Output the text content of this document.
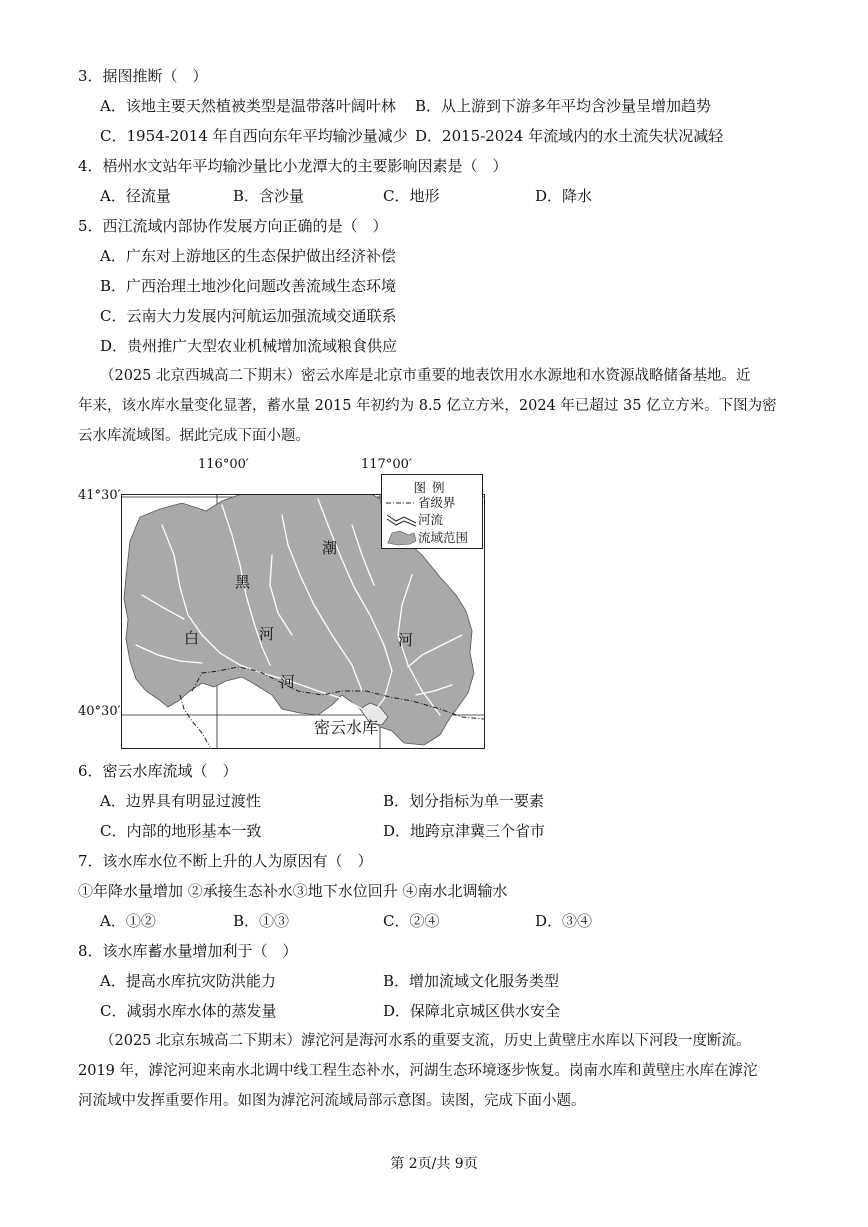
3．据图推断（　）
A．该地主要天然植被类型是温带落叶阔叶林 B．从上游到下游多年平均含沙量呈增加趋势
C．1954-2014 年自西向东年平均输沙量减少 D．2015-2024 年流域内的水土流失状况减轻
4．梧州水文站年平均输沙量比小龙潭大的主要影响因素是（　）
A．径流量	B．含沙量	C．地形	D．降水
5．西江流域内部协作发展方向正确的是（　）
A．广东对上游地区的生态保护做出经济补偿
B．广西治理土地沙化问题改善流域生态环境
C．云南大力发展内河航运加强流域交通联系
D．贵州推广大型农业机械增加流域粮食供应
（2025 北京西城高二下期末）密云水库是北京市重要的地表饮用水水源地和水资源战略储备基地。近
年来，该水库水量变化显著，蓄水量 2015 年初约为 8.5 亿立方米，2024 年已超过 35 亿立方米。下图为密
云水库流域图。据此完成下面小题。
116°00′	117°00′
41°30′
40°30′
潮
河
黑
河
白
河
密云水库
图例
省级界
河流
流域范围
6．密云水库流域（　）
A．边界具有明显过渡性	B．划分指标为单一要素
C．内部的地形基本一致	D．地跨京津冀三个省市
7．该水库水位不断上升的人为原因有（　）
①年降水量增加 ②承接生态补水③地下水位回升 ④南水北调输水
A．①②	B．①③	C．②④	D．③④
8．该水库蓄水量增加利于（　）
A．提高水库抗灾防洪能力	B．增加流域文化服务类型
C．减弱水库水体的蒸发量	D．保障北京城区供水安全
（2025 北京东城高二下期末）滹沱河是海河水系的重要支流，历史上黄壁庄水库以下河段一度断流。
2019 年，滹沱河迎来南水北调中线工程生态补水，河湖生态环境逐步恢复。岗南水库和黄壁庄水库在滹沱
河流域中发挥重要作用。如图为滹沱河流域局部示意图。读图，完成下面小题。
第 2页/共 9页
